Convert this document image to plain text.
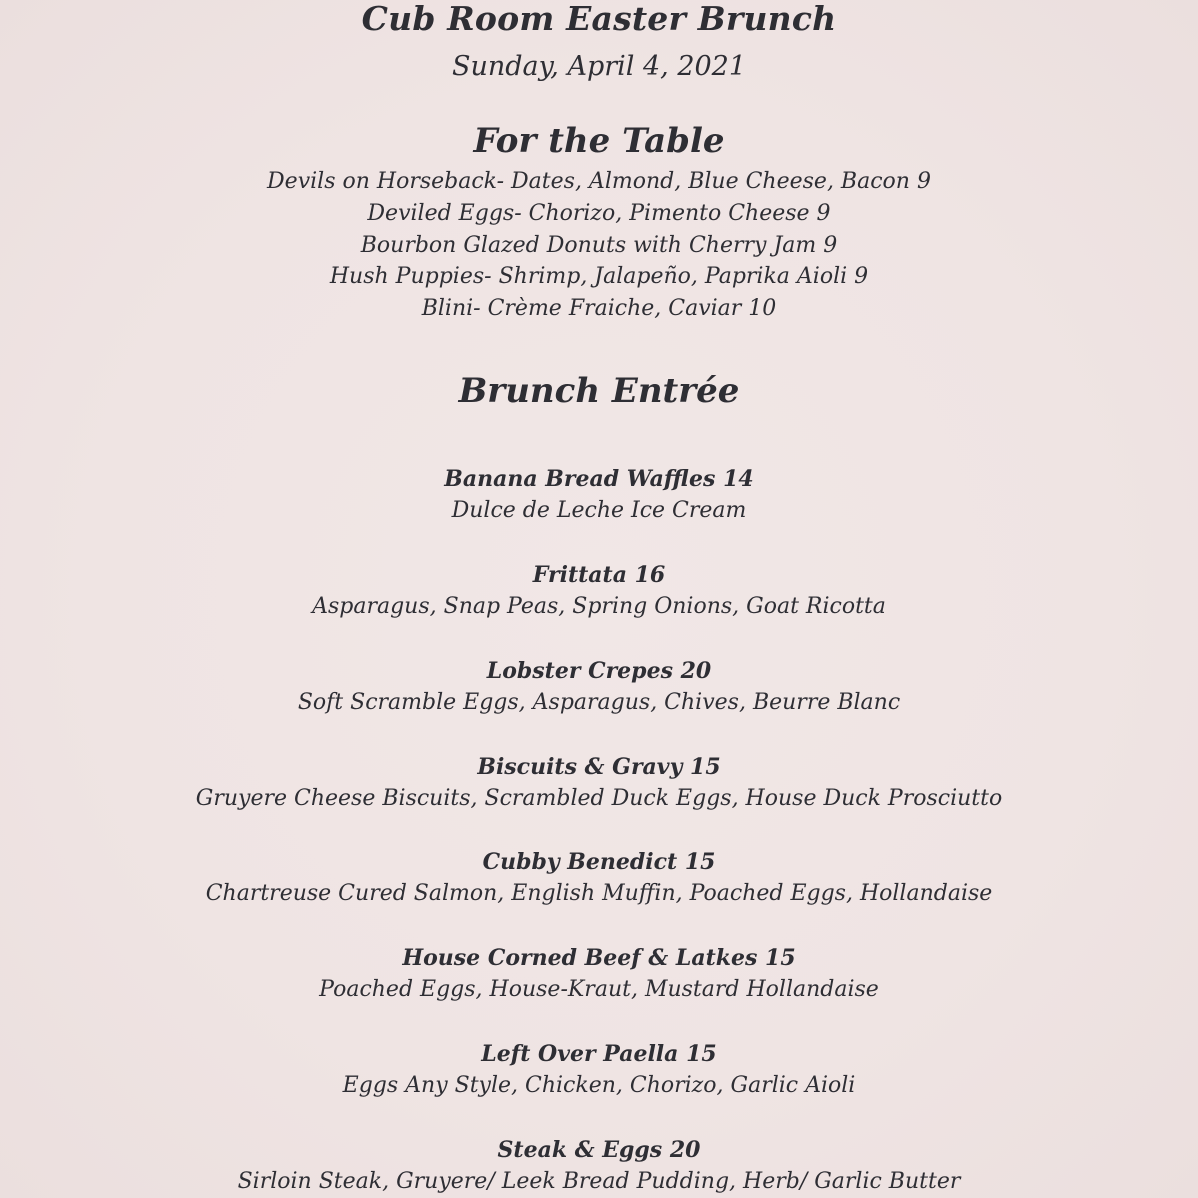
Cub Room Easter Brunch
Sunday, April 4, 2021
For the Table
Devils on Horseback- Dates, Almond, Blue Cheese, Bacon 9
Deviled Eggs- Chorizo, Pimento Cheese 9
Bourbon Glazed Donuts with Cherry Jam 9
Hush Puppies- Shrimp, Jalapeño, Paprika Aioli 9
Blini- Crème Fraiche, Caviar 10
Brunch Entrée
Banana Bread Waffles 14
Dulce de Leche Ice Cream
Frittata 16
Asparagus, Snap Peas, Spring Onions, Goat Ricotta
Lobster Crepes 20
Soft Scramble Eggs, Asparagus, Chives, Beurre Blanc
Biscuits & Gravy 15
Gruyere Cheese Biscuits, Scrambled Duck Eggs, House Duck Prosciutto
Cubby Benedict 15
Chartreuse Cured Salmon, English Muffin, Poached Eggs, Hollandaise
House Corned Beef & Latkes 15
Poached Eggs, House-Kraut, Mustard Hollandaise
Left Over Paella 15
Eggs Any Style, Chicken, Chorizo, Garlic Aioli
Steak & Eggs 20
Sirloin Steak, Gruyere/ Leek Bread Pudding, Herb/ Garlic Butter
